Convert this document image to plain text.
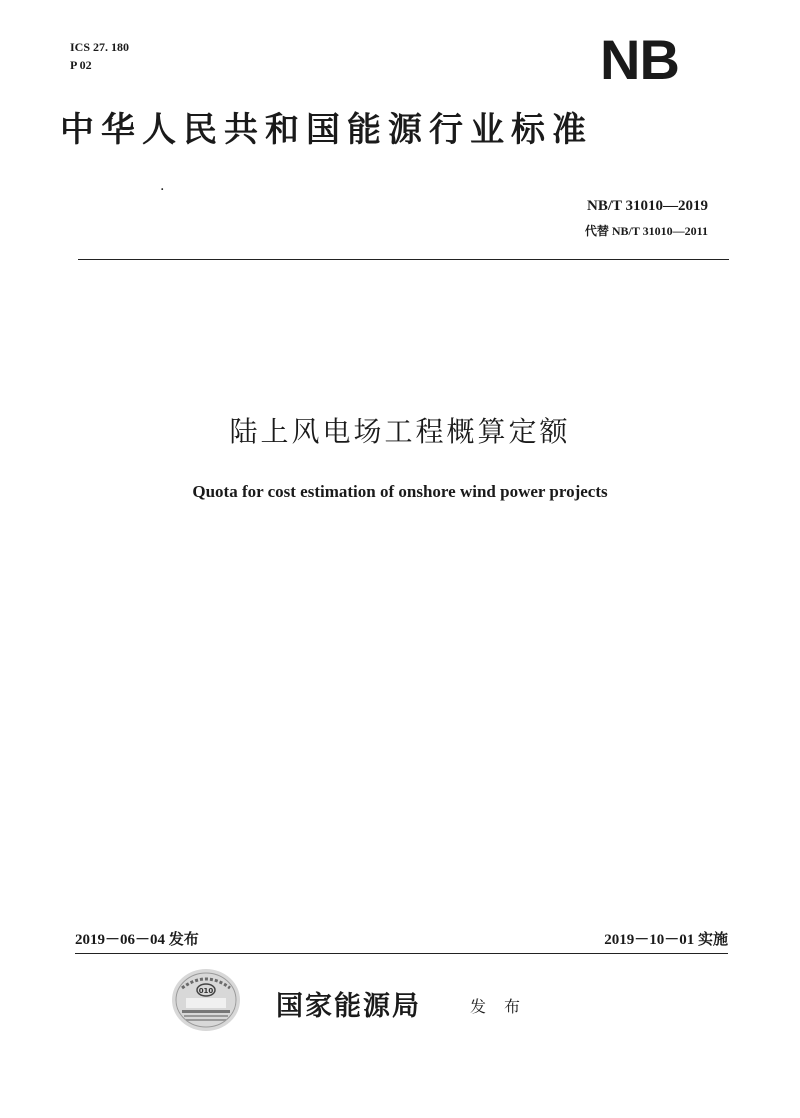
ICS 27. 180
P 02	NB
中华人民共和国能源行业标准
.
NB/T 31010—2019
代替 NB/T 31010—2011
陆上风电场工程概算定额
Quota for cost estimation of onshore wind power projects
2019－06－04 发布	2019－10－01 实施
010 国家能源局	发布
